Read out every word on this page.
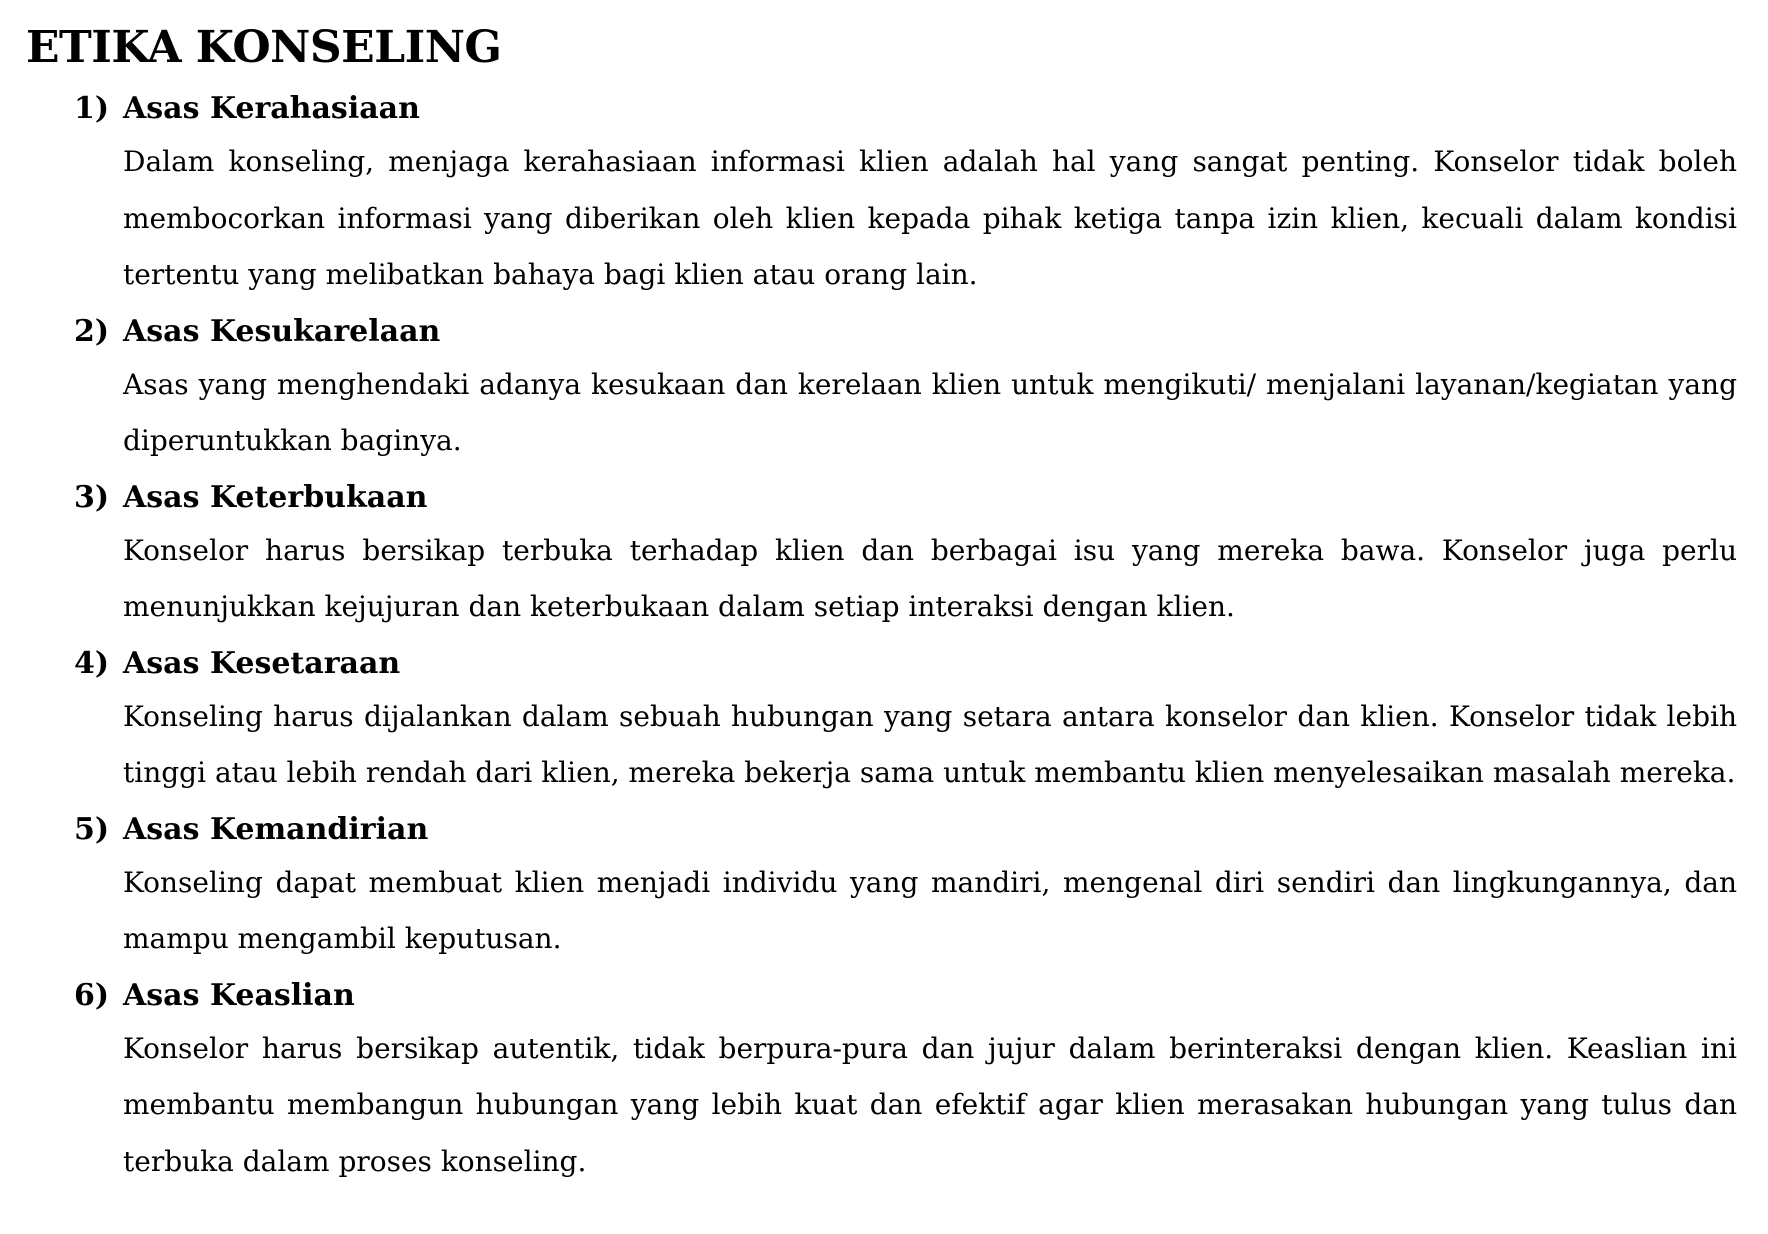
ETIKA KONSELING
1) Asas Kerahasiaan

Dalam konseling, menjaga kerahasiaan informasi klien adalah hal yang sangat penting. Konselor tidak boleh membocorkan informasi yang diberikan oleh klien kepada pihak ketiga tanpa izin klien, kecuali dalam kondisi tertentu yang melibatkan bahaya bagi klien atau orang lain.

2) Asas Kesukarelaan

Asas yang menghendaki adanya kesukaan dan kerelaan klien untuk mengikuti/ menjalani layanan/kegiatan yang diperuntukkan baginya.

3) Asas Keterbukaan

Konselor harus bersikap terbuka terhadap klien dan berbagai isu yang mereka bawa. Konselor juga perlu menunjukkan kejujuran dan keterbukaan dalam setiap interaksi dengan klien.

4) Asas Kesetaraan

Konseling harus dijalankan dalam sebuah hubungan yang setara antara konselor dan klien. Konselor tidak lebih tinggi atau lebih rendah dari klien, mereka bekerja sama untuk membantu klien menyelesaikan masalah mereka.

5) Asas Kemandirian

Konseling dapat membuat klien menjadi individu yang mandiri, mengenal diri sendiri dan lingkungannya, dan mampu mengambil keputusan.

6) Asas Keaslian

Konselor harus bersikap autentik, tidak berpura-pura dan jujur dalam berinteraksi dengan klien. Keaslian ini membantu membangun hubungan yang lebih kuat dan efektif agar klien merasakan hubungan yang tulus dan terbuka dalam proses konseling.
